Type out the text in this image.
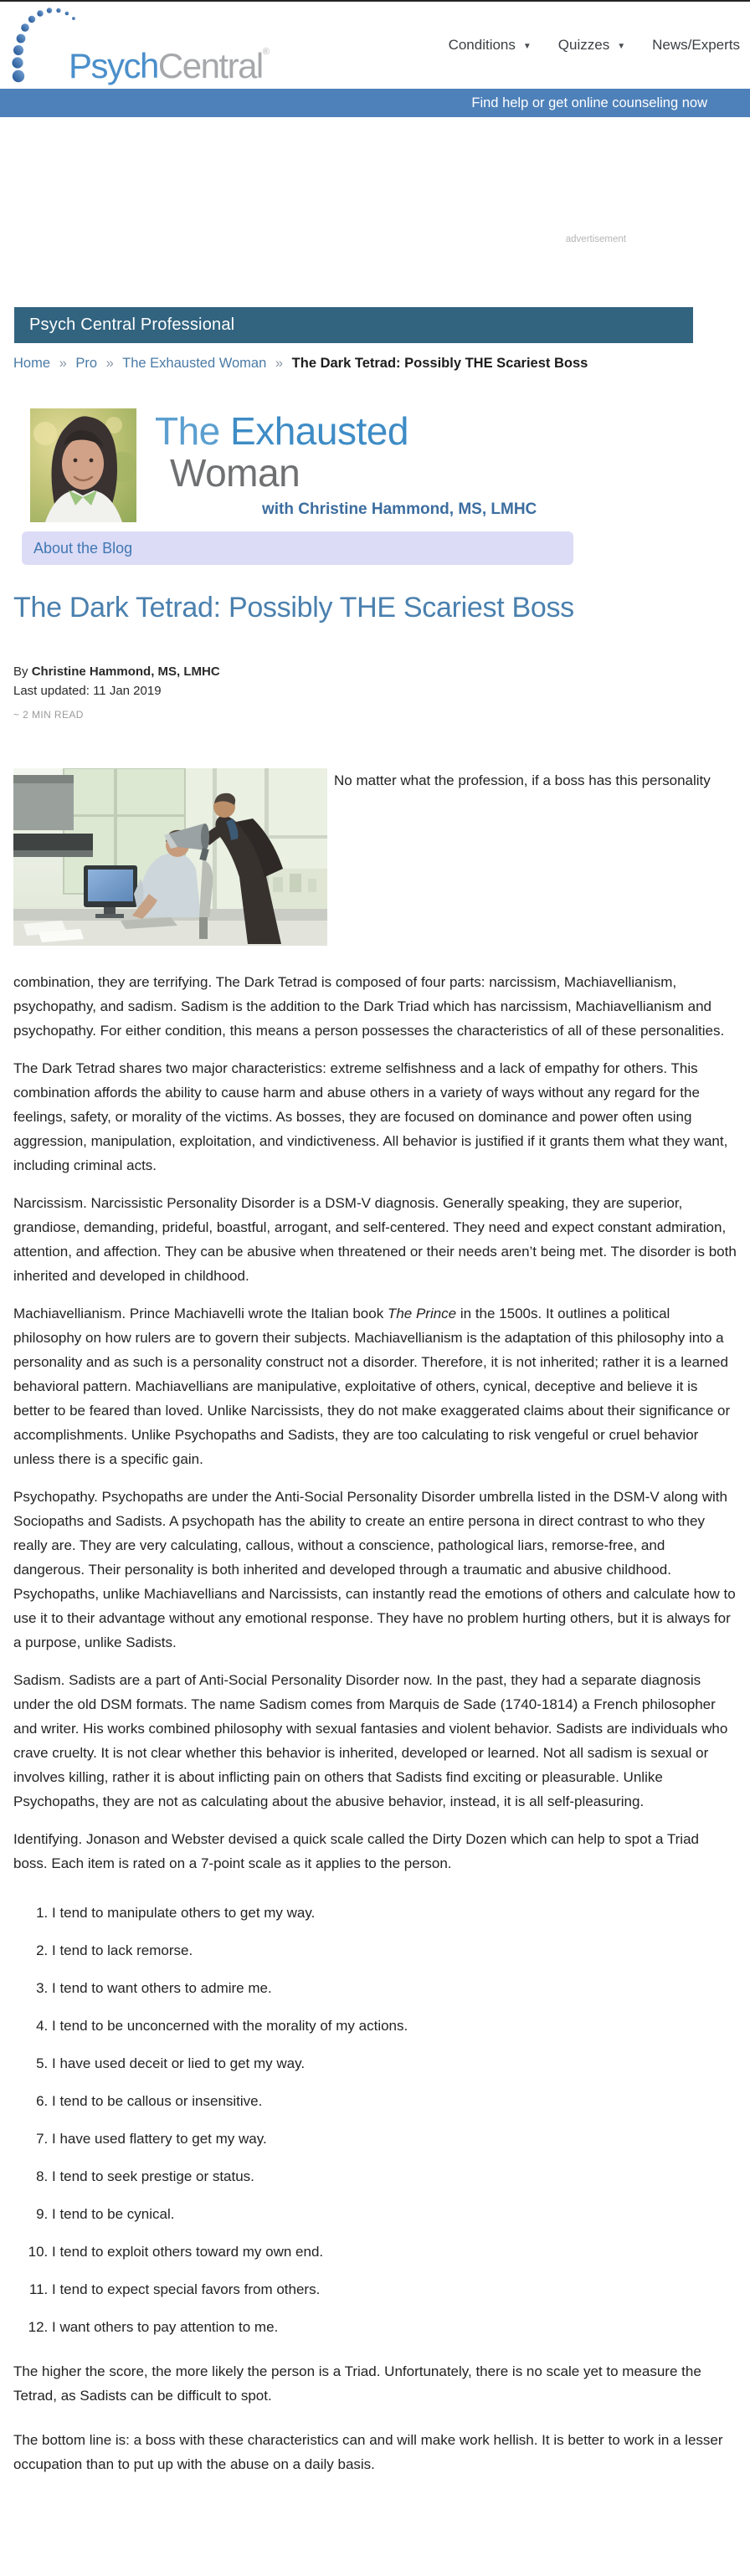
PsychCentral®	Conditions ▼ Quizzes ▼ News/Experts
Find help or get online counseling now
advertisement
Psych Central Professional
Home » Pro » The Exhausted Woman » The Dark Tetrad: Possibly THE Scariest Boss
The Exhausted
Woman
with Christine Hammond, MS, LMHC
About the Blog
The Dark Tetrad: Possibly THE Scariest Boss
By Christine Hammond, MS, LMHC
Last updated: 11 Jan 2019
~ 2 MIN READ
No matter what the profession, if a boss has this personality

combination, they are terrifying. The Dark Tetrad is composed of four parts: narcissism, Machiavellianism, psychopathy, and sadism. Sadism is the addition to the Dark Triad which has narcissism, Machiavellianism and psychopathy. For either condition, this means a person possesses the characteristics of all of these personalities.

The Dark Tetrad shares two major characteristics: extreme selfishness and a lack of empathy for others. This combination affords the ability to cause harm and abuse others in a variety of ways without any regard for the feelings, safety, or morality of the victims. As bosses, they are focused on dominance and power often using aggression, manipulation, exploitation, and vindictiveness. All behavior is justified if it grants them what they want, including criminal acts.

Narcissism. Narcissistic Personality Disorder is a DSM-V diagnosis. Generally speaking, they are superior, grandiose, demanding, prideful, boastful, arrogant, and self-centered. They need and expect constant admiration, attention, and affection. They can be abusive when threatened or their needs aren’t being met. The disorder is both inherited and developed in childhood.

Machiavellianism. Prince Machiavelli wrote the Italian book The Prince in the 1500s. It outlines a political philosophy on how rulers are to govern their subjects. Machiavellianism is the adaptation of this philosophy into a personality and as such is a personality construct not a disorder. Therefore, it is not inherited; rather it is a learned behavioral pattern. Machiavellians are manipulative, exploitative of others, cynical, deceptive and believe it is better to be feared than loved. Unlike Narcissists, they do not make exaggerated claims about their significance or accomplishments. Unlike Psychopaths and Sadists, they are too calculating to risk vengeful or cruel behavior unless there is a specific gain.

Psychopathy. Psychopaths are under the Anti-Social Personality Disorder umbrella listed in the DSM-V along with Sociopaths and Sadists. A psychopath has the ability to create an entire persona in direct contrast to who they really are. They are very calculating, callous, without a conscience, pathological liars, remorse-free, and dangerous. Their personality is both inherited and developed through a traumatic and abusive childhood. Psychopaths, unlike Machiavellians and Narcissists, can instantly read the emotions of others and calculate how to use it to their advantage without any emotional response. They have no problem hurting others, but it is always for a purpose, unlike Sadists.

Sadism. Sadists are a part of Anti-Social Personality Disorder now. In the past, they had a separate diagnosis under the old DSM formats. The name Sadism comes from Marquis de Sade (1740-1814) a French philosopher and writer. His works combined philosophy with sexual fantasies and violent behavior. Sadists are individuals who crave cruelty. It is not clear whether this behavior is inherited, developed or learned. Not all sadism is sexual or involves killing, rather it is about inflicting pain on others that Sadists find exciting or pleasurable. Unlike Psychopaths, they are not as calculating about the abusive behavior, instead, it is all self-pleasuring.

Identifying. Jonason and Webster devised a quick scale called the Dirty Dozen which can help to spot a Triad boss. Each item is rated on a 7-point scale as it applies to the person.

1. I tend to manipulate others to get my way.
2. I tend to lack remorse.
3. I tend to want others to admire me.
4. I tend to be unconcerned with the morality of my actions.
5. I have used deceit or lied to get my way.
6. I tend to be callous or insensitive.
7. I have used flattery to get my way.
8. I tend to seek prestige or status.
9. I tend to be cynical.
10. I tend to exploit others toward my own end.
11. I tend to expect special favors from others.
12. I want others to pay attention to me.

The higher the score, the more likely the person is a Triad. Unfortunately, there is no scale yet to measure the Tetrad, as Sadists can be difficult to spot.

The bottom line is: a boss with these characteristics can and will make work hellish. It is better to work in a lesser occupation than to put up with the abuse on a daily basis.
